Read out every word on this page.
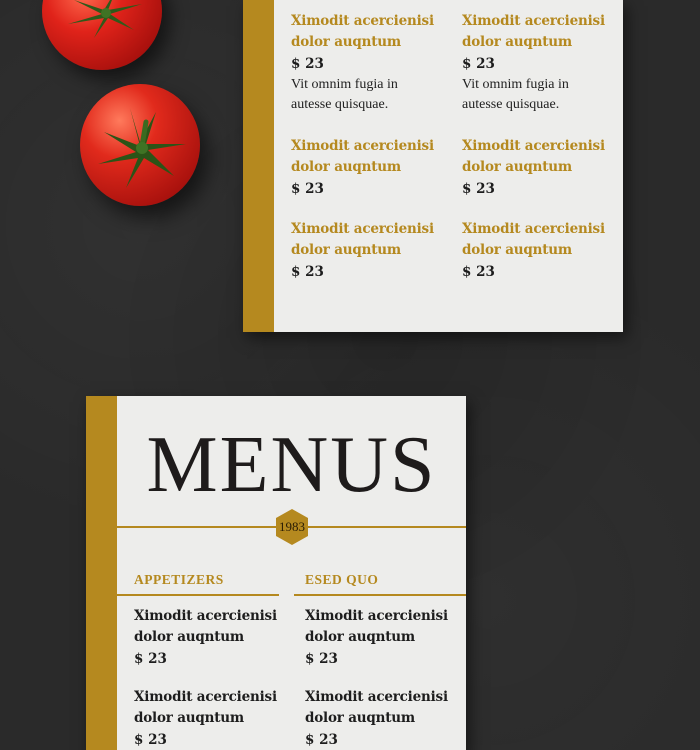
Ximodit acercienisi
dolor auqntum
$ 23
Vit omnim fugia in
autesse quisquae.
Ximodit acercienisi
dolor auqntum
$ 23
Vit omnim fugia in
autesse quisquae.
Ximodit acercienisi
dolor auqntum
$ 23
Ximodit acercienisi
dolor auqntum
$ 23
Ximodit acercienisi
dolor auqntum
$ 23
Ximodit acercienisi
dolor auqntum
$ 23
MENUS
1983
APPETIZERS	ESED QUO
Ximodit acercienisi
dolor auqntum
$ 23
Ximodit acercienisi
dolor auqntum
$ 23
Ximodit acercienisi
dolor auqntum
$ 23
Ximodit acercienisi
dolor auqntum
$ 23
